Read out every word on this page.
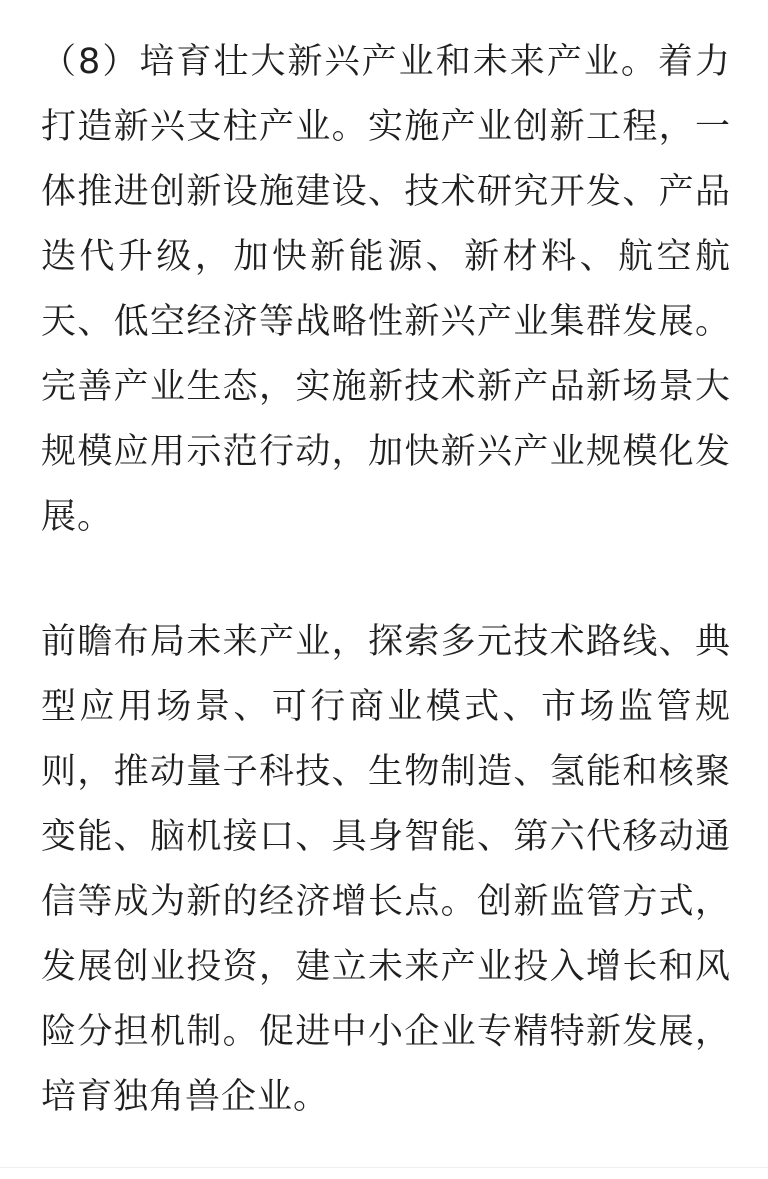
（8）培育壮大新兴产业和未来产业。着力打造新兴支柱产业。实施产业创新工程，一体推进创新设施建设、技术研究开发、产品迭代升级，加快新能源、新材料、航空航天、低空经济等战略性新兴产业集群发展。完善产业生态，实施新技术新产品新场景大规模应用示范行动，加快新兴产业规模化发展。

前瞻布局未来产业，探索多元技术路线、典型应用场景、可行商业模式、市场监管规则，推动量子科技、生物制造、氢能和核聚变能、脑机接口、具身智能、第六代移动通信等成为新的经济增长点。创新监管方式，发展创业投资，建立未来产业投入增长和风险分担机制。促进中小企业专精特新发展，培育独角兽企业。
